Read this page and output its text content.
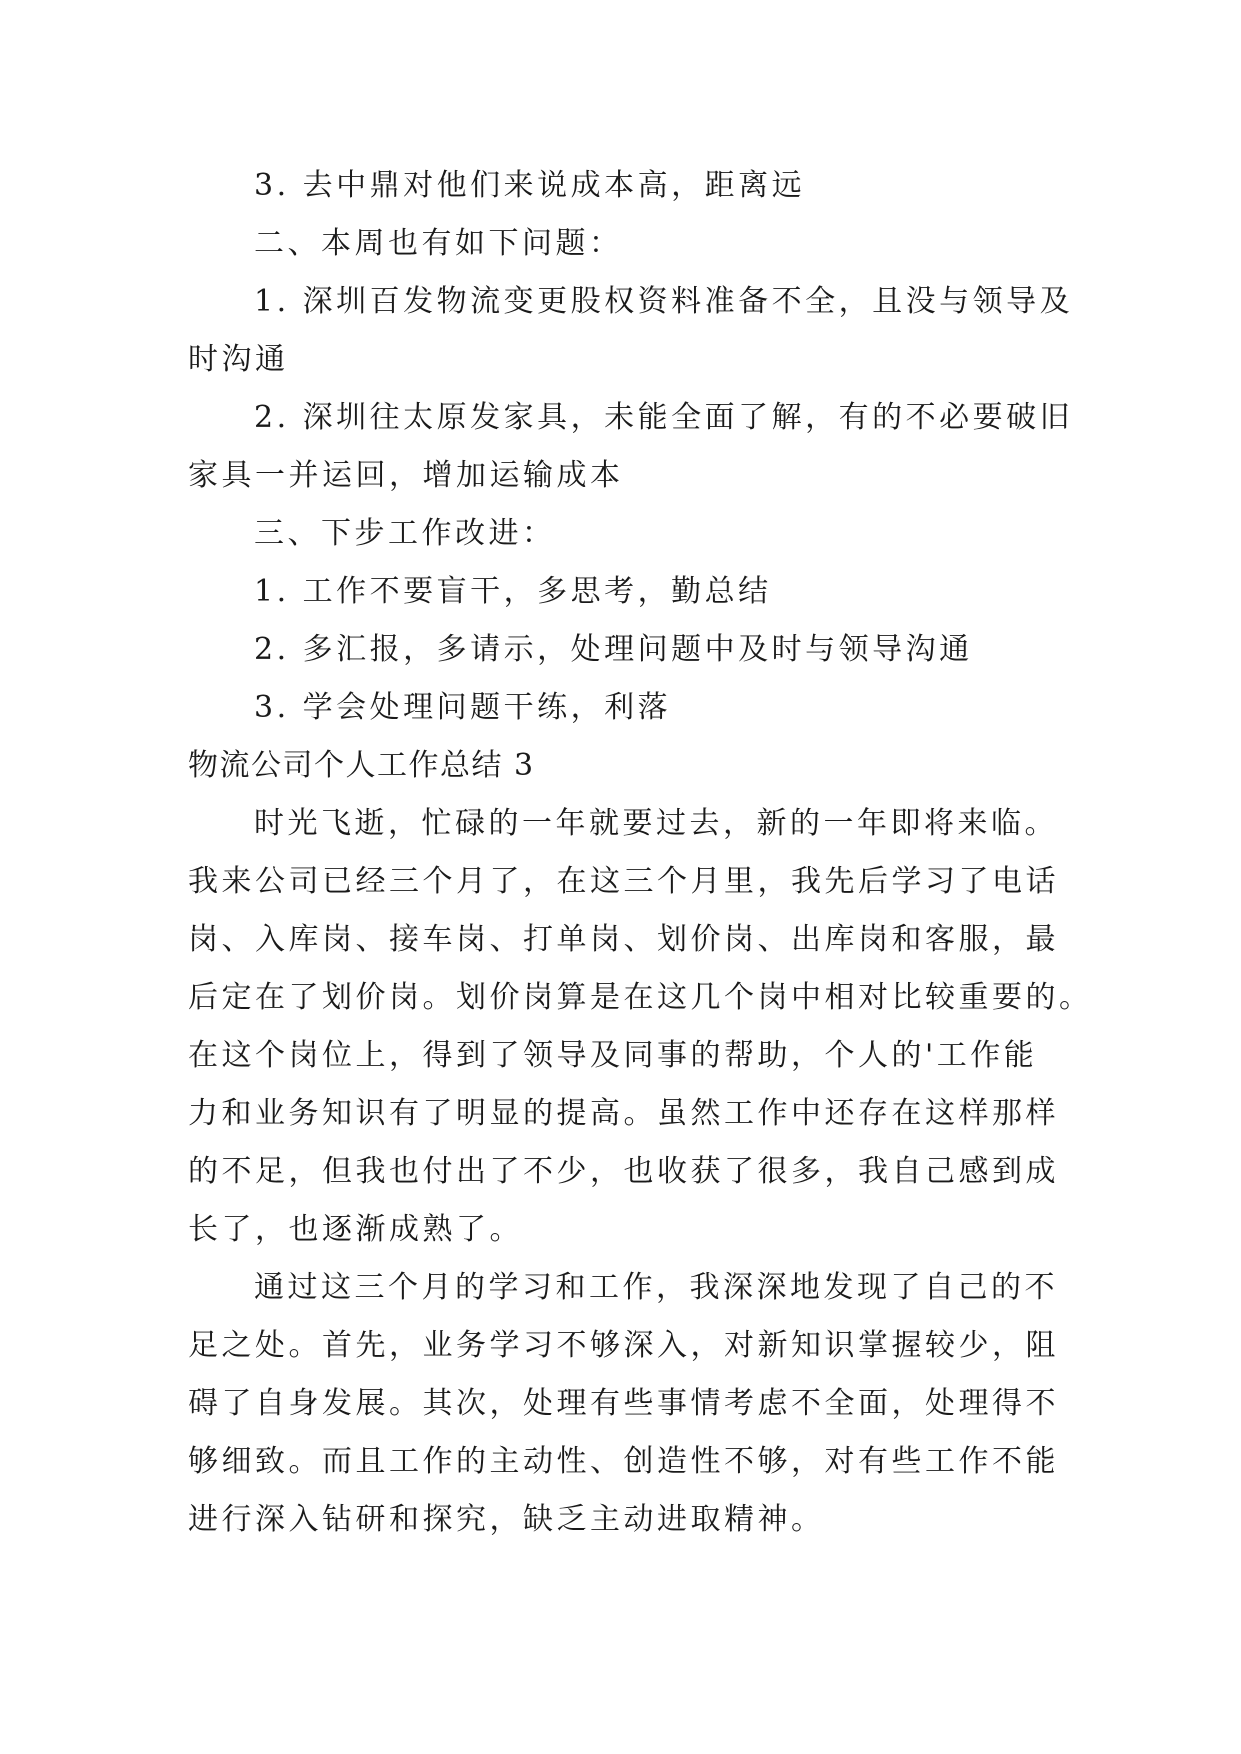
3. 去中鼎对他们来说成本高，距离远
二、本周也有如下问题：
1. 深圳百发物流变更股权资料准备不全，且没与领导及
时沟通
2. 深圳往太原发家具，未能全面了解，有的不必要破旧
家具一并运回，增加运输成本
三、下步工作改进：
1. 工作不要盲干，多思考，勤总结
2. 多汇报，多请示，处理问题中及时与领导沟通
3. 学会处理问题干练，利落
物流公司个人工作总结 3
时光飞逝，忙碌的一年就要过去，新的一年即将来临。
我来公司已经三个月了，在这三个月里，我先后学习了电话
岗、入库岗、接车岗、打单岗、划价岗、出库岗和客服，最
后定在了划价岗。划价岗算是在这几个岗中相对比较重要的。
在这个岗位上，得到了领导及同事的帮助，个人的'工作能
力和业务知识有了明显的提高。虽然工作中还存在这样那样
的不足，但我也付出了不少，也收获了很多，我自己感到成
长了，也逐渐成熟了。
通过这三个月的学习和工作，我深深地发现了自己的不
足之处。首先，业务学习不够深入，对新知识掌握较少，阻
碍了自身发展。其次，处理有些事情考虑不全面，处理得不
够细致。而且工作的主动性、创造性不够，对有些工作不能
进行深入钻研和探究，缺乏主动进取精神。
